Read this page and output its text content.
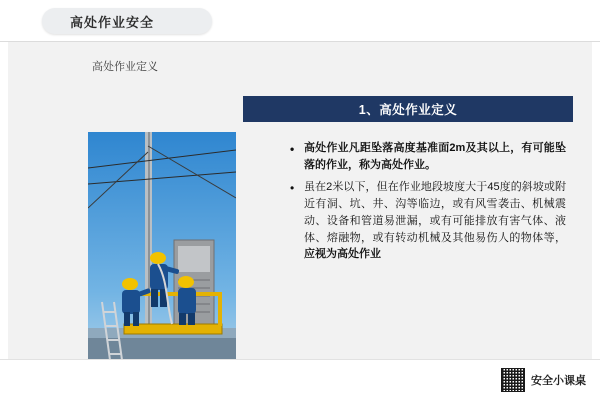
高处作业安全
高处作业定义
1、高处作业定义
• 高处作业凡距坠落高度基准面2m及其以上，有可能坠落的作业，称为高处作业。
• 虽在2米以下，但在作业地段坡度大于45度的斜坡或附近有洞、坑、井、沟等临边，或有风雪袭击、机械震动、设备和管道易泄漏，或有可能排放有害气体、液体、熔融物，或有转动机械及其他易伤人的物体等，应视为高处作业
安全小课桌
